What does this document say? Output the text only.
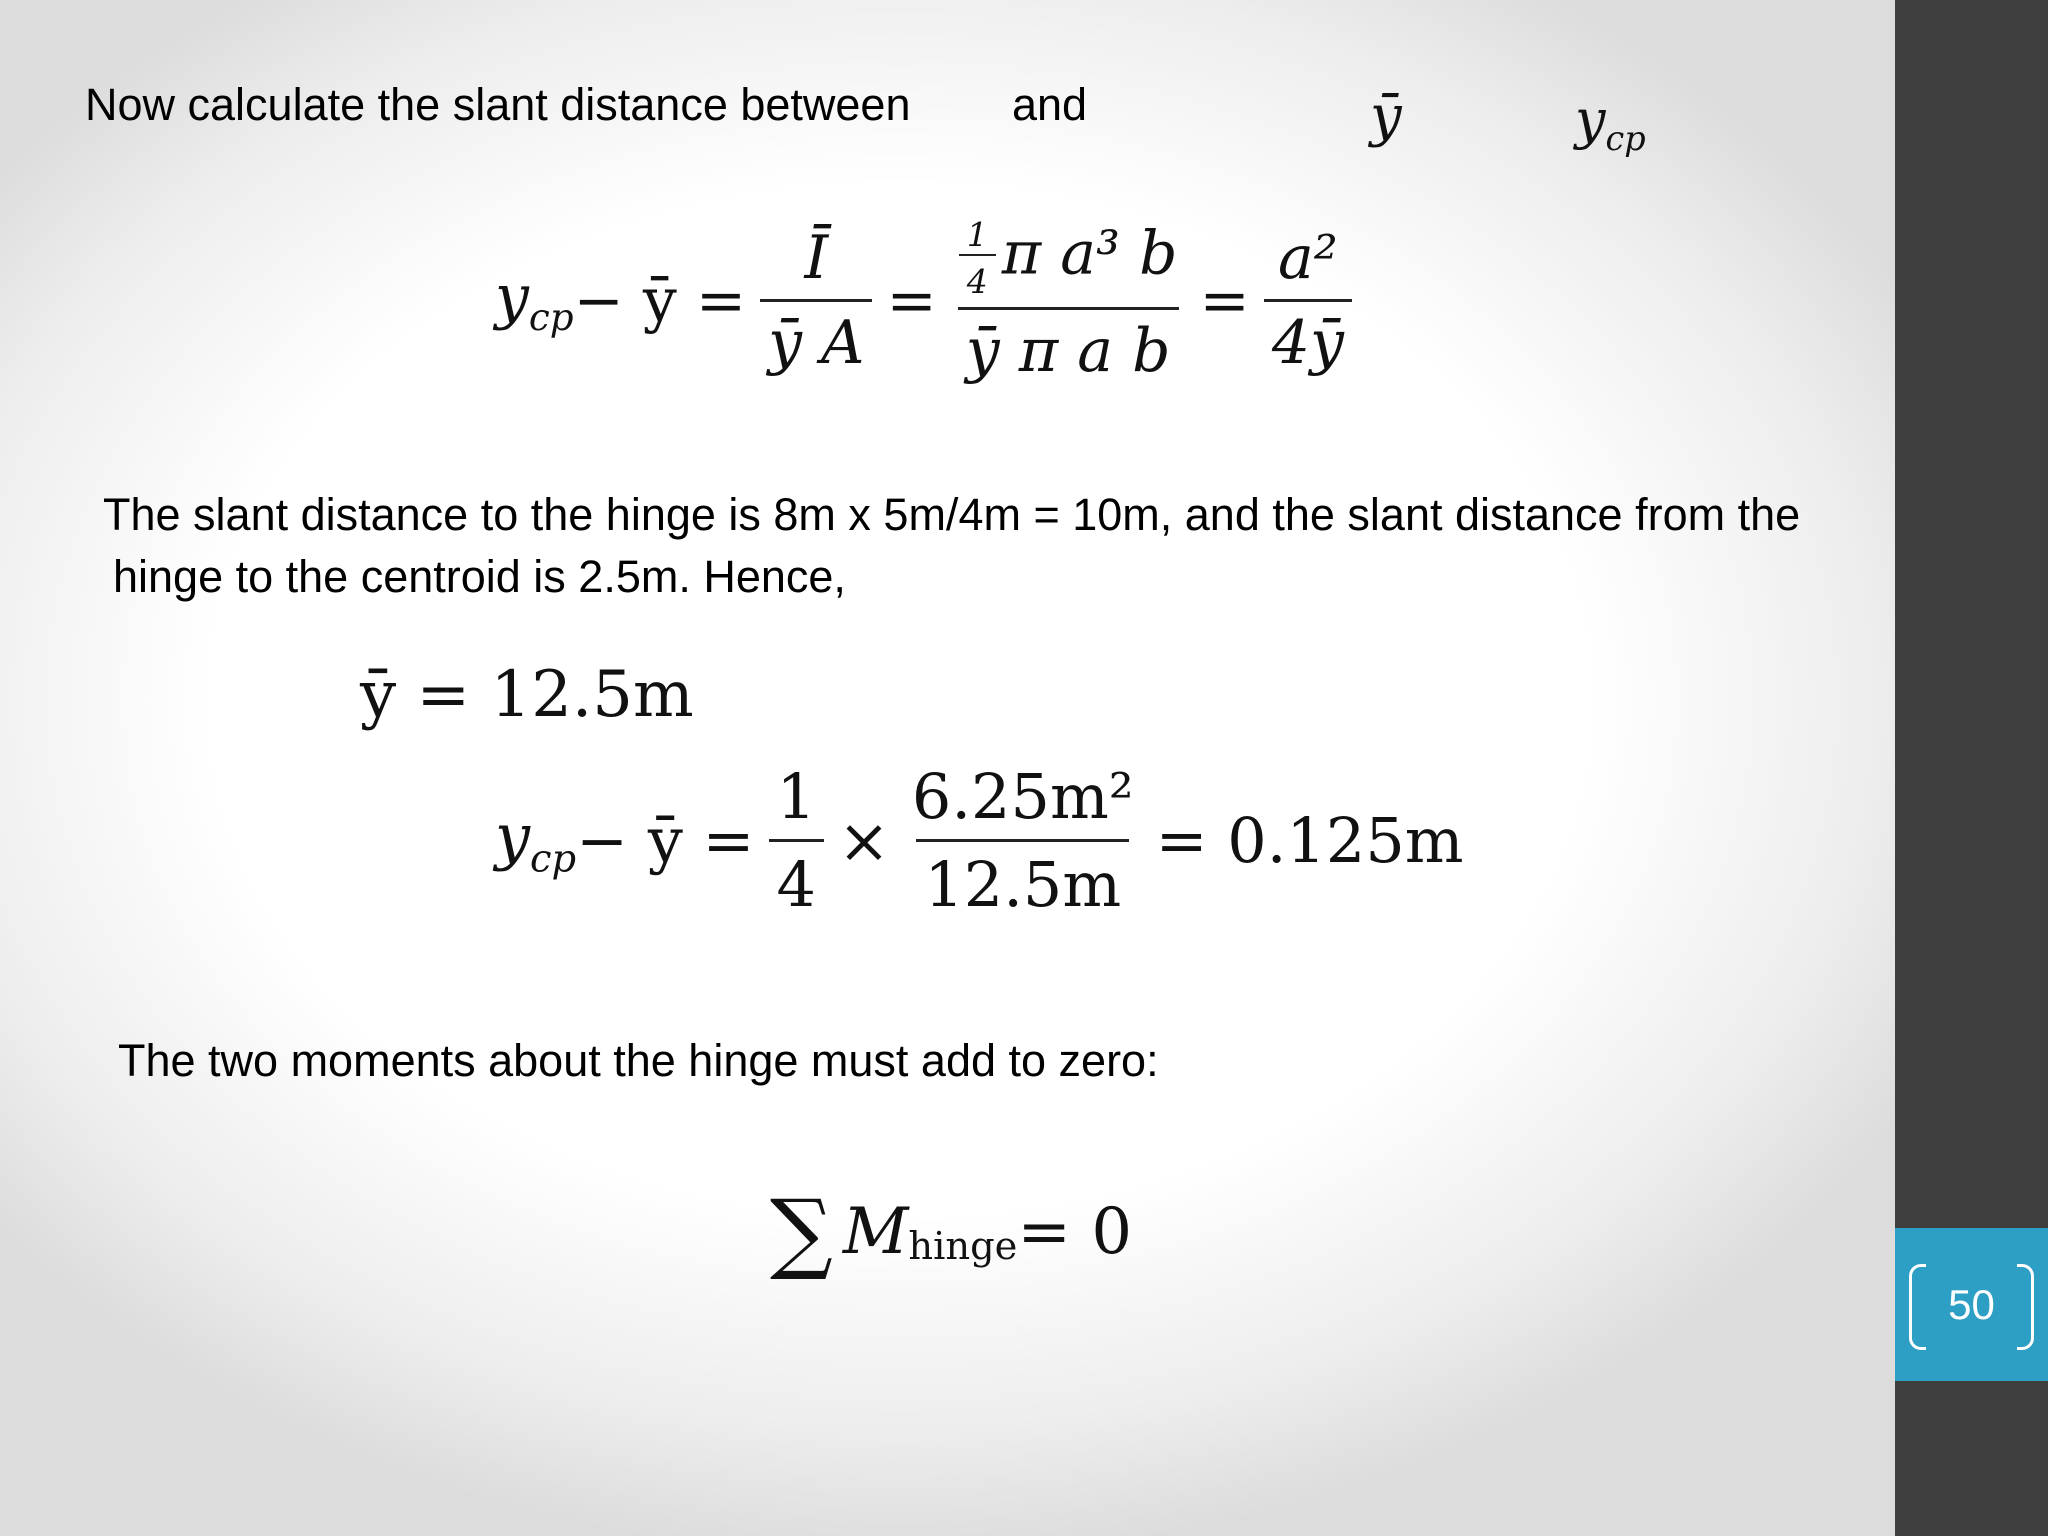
50
Now calculate the slant distance between and	ȳ	$y_{cp}$
$y_{cp}$ − ȳ = $\frac{Ī}{\text{ȳ A}} = \frac{\frac{1}{4} \pi a^3 b}{\text{ȳ π a b}} = \frac{\text{a²}}{4ȳ}$
The slant distance to the hinge is 8m x 5m/4m = 10m, and the slant distance from the
hinge to the centroid is 2.5m. Hence,
ȳ = 12.5m
$y_{cp}$ − ȳ = $\frac{1}{4} \times \frac{\text{6.25m²}}{12.5m} = 0.125m$
The two moments about the hinge must add to zero:
∑ $M_{hinge} = 0$
